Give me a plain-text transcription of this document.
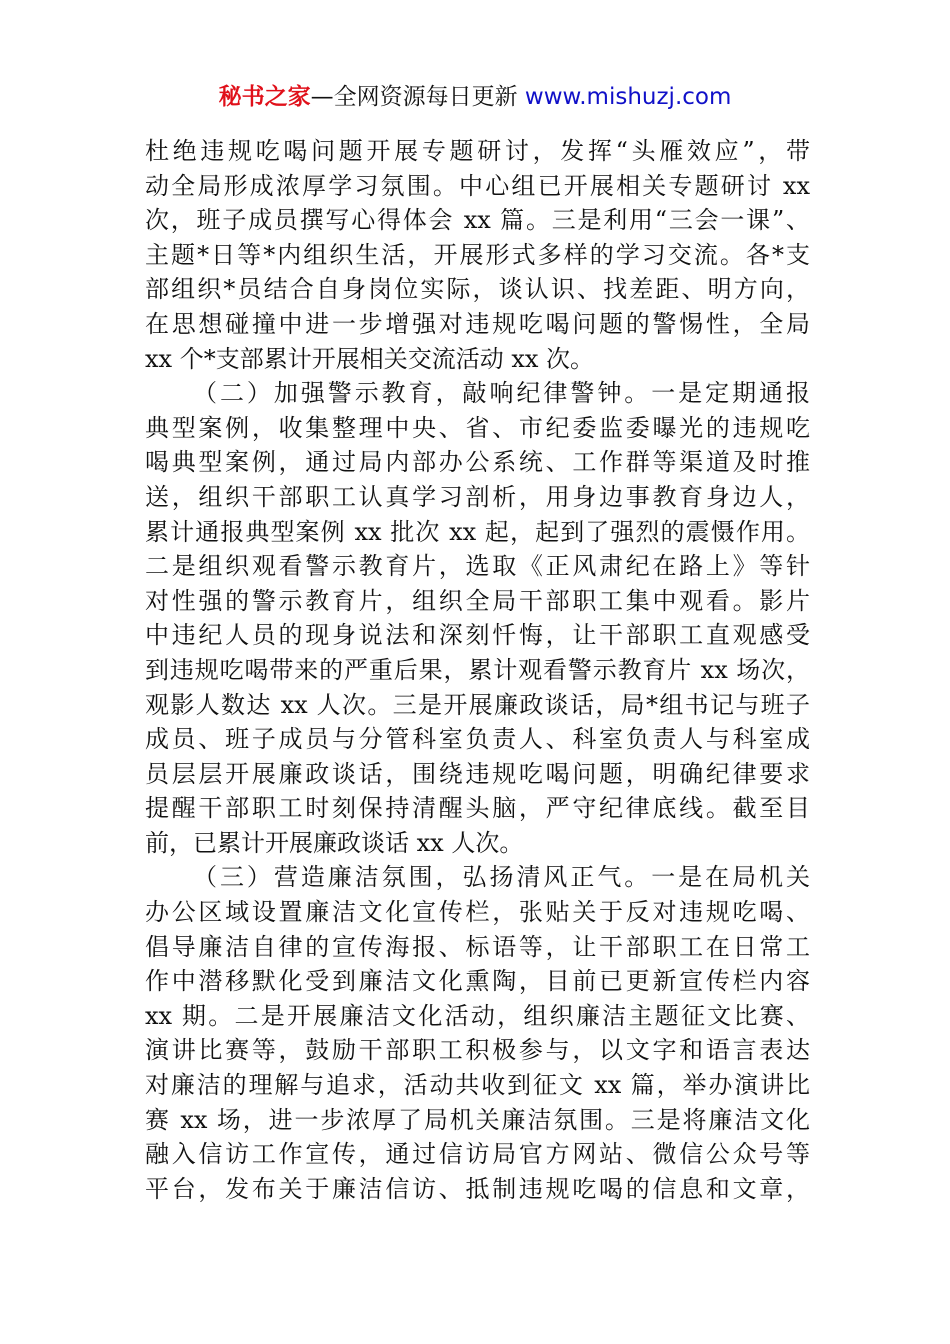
秘书之家—全网资源每日更新 www.mishuzj.com
杜绝违规吃喝问题开展专题研讨，发挥“头雁效应”，带
动全局形成浓厚学习氛围。中心组已开展相关专题研讨 xx
次，班子成员撰写心得体会 xx 篇。三是利用“三会一课”、
主题*日等*内组织生活，开展形式多样的学习交流。各*支
部组织*员结合自身岗位实际，谈认识、找差距、明方向，
在思想碰撞中进一步增强对违规吃喝问题的警惕性，全局
xx 个*支部累计开展相关交流活动 xx 次。
（二）加强警示教育，敲响纪律警钟。一是定期通报
典型案例，收集整理中央、省、市纪委监委曝光的违规吃
喝典型案例，通过局内部办公系统、工作群等渠道及时推
送，组织干部职工认真学习剖析，用身边事教育身边人，
累计通报典型案例 xx 批次 xx 起，起到了强烈的震慑作用。
二是组织观看警示教育片，选取《正风肃纪在路上》等针
对性强的警示教育片，组织全局干部职工集中观看。影片
中违纪人员的现身说法和深刻忏悔，让干部职工直观感受
到违规吃喝带来的严重后果，累计观看警示教育片 xx 场次，
观影人数达 xx 人次。三是开展廉政谈话，局*组书记与班子
成员、班子成员与分管科室负责人、科室负责人与科室成
员层层开展廉政谈话，围绕违规吃喝问题，明确纪律要求
提醒干部职工时刻保持清醒头脑，严守纪律底线。截至目
前，已累计开展廉政谈话 xx 人次。
（三）营造廉洁氛围，弘扬清风正气。一是在局机关
办公区域设置廉洁文化宣传栏，张贴关于反对违规吃喝、
倡导廉洁自律的宣传海报、标语等，让干部职工在日常工
作中潜移默化受到廉洁文化熏陶，目前已更新宣传栏内容
xx 期。二是开展廉洁文化活动，组织廉洁主题征文比赛、
演讲比赛等，鼓励干部职工积极参与，以文字和语言表达
对廉洁的理解与追求，活动共收到征文 xx 篇，举办演讲比
赛 xx 场，进一步浓厚了局机关廉洁氛围。三是将廉洁文化
融入信访工作宣传，通过信访局官方网站、微信公众号等
平台，发布关于廉洁信访、抵制违规吃喝的信息和文章，
